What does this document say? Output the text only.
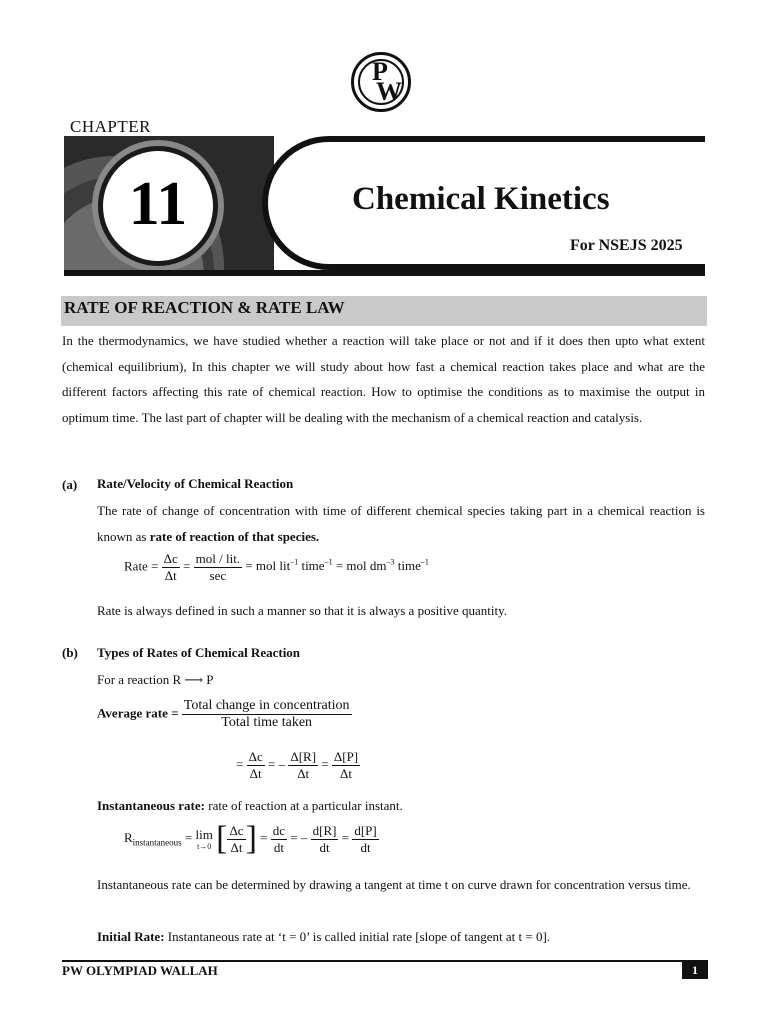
P
W
CHAPTER
11	Chemical Kinetics
For NSEJS 2025
RATE OF REACTION & RATE LAW
In the thermodynamics, we have studied whether a reaction will take place or not and if it does then upto what extent (chemical equilibrium), In this chapter we will study about how fast a chemical reaction takes place and what are the different factors affecting this rate of chemical reaction. How to optimise the conditions as to maximise the output in optimum time. The last part of chapter will be dealing with the mechanism of a chemical reaction and catalysis.
(a) Rate/Velocity of Chemical Reaction
The rate of change of concentration with time of different chemical species taking part in a chemical reaction is known as rate of reaction of that species.
Rate = $\frac{\Delta c}{\Delta t} = \frac{\text{mol / lit.}}{\sec}$ = mol lit$^{-1}$ time$^{-1}$ = mol $dm^{-3}$ time$^{-1}$
Rate is always defined in such a manner so that it is always a positive quantity.
(b) Types of Rates of Chemical Reaction
For a reaction R ⟶ P
Average rate = $\frac{\text{Total change in concentration}}{\text{Total time taken}}$
= $\frac{\Delta c}{\Delta t}$ = – $\frac{\Delta[R]}{\Delta t} = \frac{\Delta[P]}{\Delta t}$
Instantaneous rate: rate of reaction at a particular instant.
$R_{instantaneous} = \lim$
t→0 [ $\frac{\Delta c}{\Delta t}$ ] = $\frac{dc}{dt}$ = – $\frac{d[R]}{dt} = \frac{d[P]}{dt}$
Instantaneous rate can be determined by drawing a tangent at time t on curve drawn for concentration versus time.
Initial Rate: Instantaneous rate at ‘t = 0’ is called initial rate [slope of tangent at t = 0].
PW OLYMPIAD WALLAH	1
